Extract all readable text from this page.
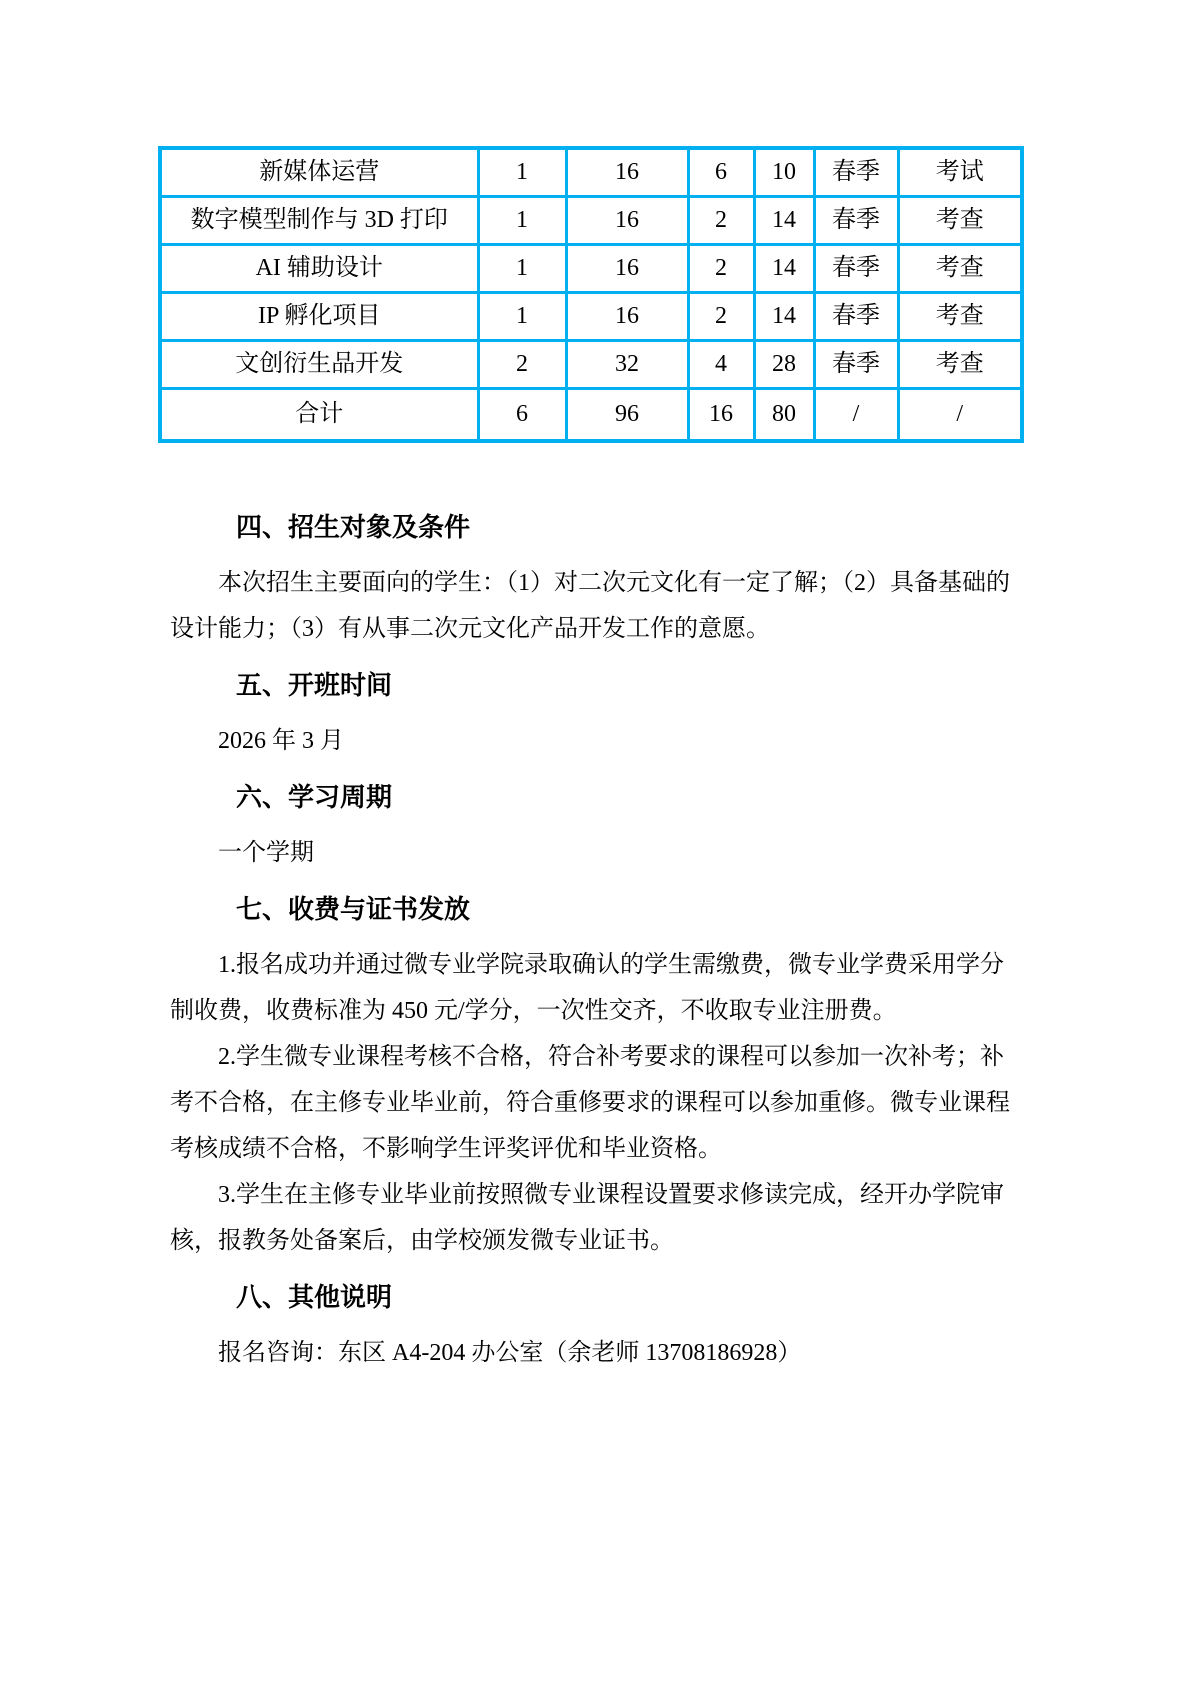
新媒体运营	1	16	6	10	春季	考试
数字模型制作与 3D 打印	1	16	2	14	春季	考查
AI 辅助设计	1	16	2	14	春季	考查
IP 孵化项目	1	16	2	14	春季	考查
文创衍生品开发	2	32	4	28	春季	考查
合计	6	96	16	80	/	/
四、招生对象及条件
本次招生主要面向的学生：（1）对二次元文化有一定了解；（2）具备基础的
设计能力；（3）有从事二次元文化产品开发工作的意愿。
五、开班时间
2026 年 3 月
六、学习周期
一个学期
七、收费与证书发放
1.报名成功并通过微专业学院录取确认的学生需缴费，微专业学费采用学分
制收费，收费标准为 450 元/学分，一次性交齐，不收取专业注册费。
2.学生微专业课程考核不合格，符合补考要求的课程可以参加一次补考；补
考不合格，在主修专业毕业前，符合重修要求的课程可以参加重修。微专业课程
考核成绩不合格，不影响学生评奖评优和毕业资格。
3.学生在主修专业毕业前按照微专业课程设置要求修读完成，经开办学院审
核，报教务处备案后，由学校颁发微专业证书。
八、其他说明
报名咨询：东区 A4-204 办公室（余老师 13708186928）
